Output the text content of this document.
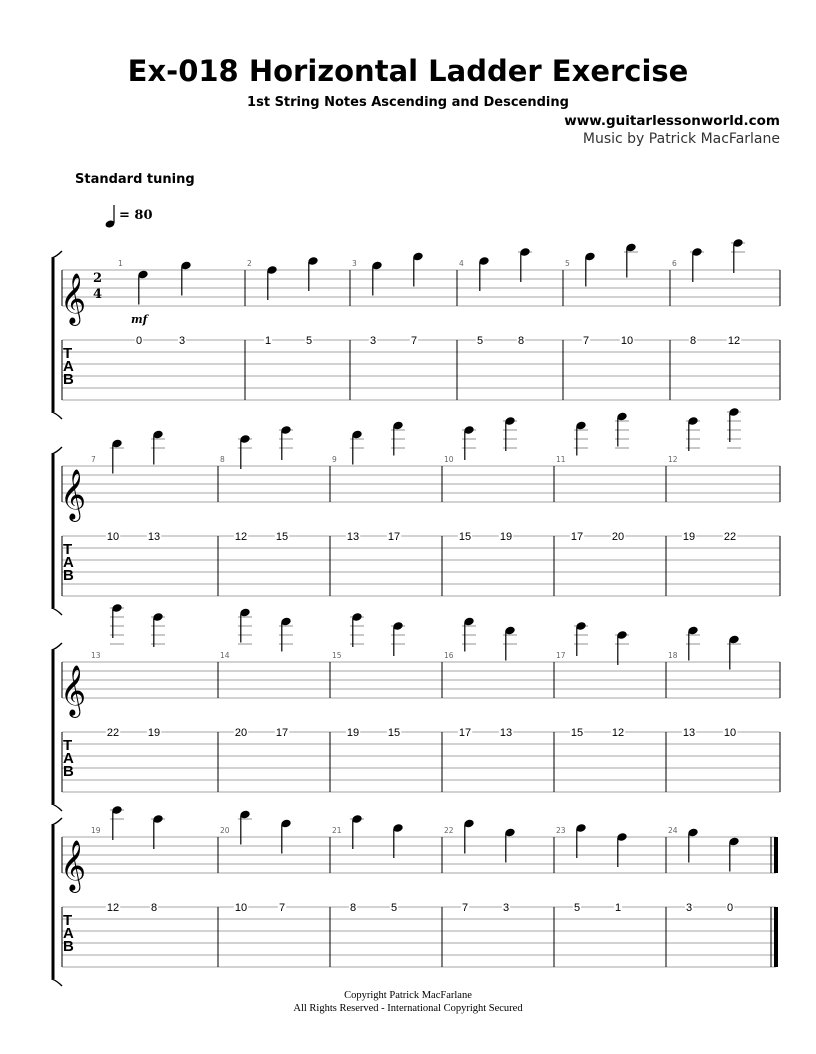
Ex-018 Horizontal Ladder Exercise
1st String Notes Ascending and Descending
www.guitarlessonworld.com
Music by Patrick MacFarlane
Standard tuning
= 80
𝄞
T
A
B
2
4
mf
1
0	3
2
1	5
3
3	7
4
5	8
5
7	10
6
8	12
𝄞
T
A
B
7
10	13
8
12	15
9
13	17
10
15	19
11
17	20
12
19	22
𝄞
T
A
B
13
22	19
14
20	17
15
19	15
16
17	13
17
15	12
18
13	10
𝄞
T
A
B
19
12	8
20
10	7
21
8	5
22
7	3
23
5	1
24
3	0
Copyright Patrick MacFarlane
All Rights Reserved - International Copyright Secured
